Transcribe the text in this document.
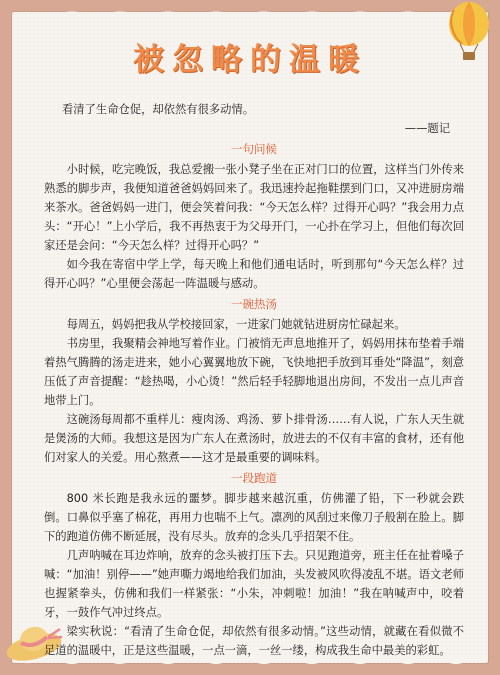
被忽略的温暖

看清了生命仓促，却依然有很多动情。

——题记

一句问候

小时候，吃完晚饭，我总爱搬一张小凳子坐在正对门口的位置，这样当门外传来熟悉的脚步声，我便知道爸爸妈妈回来了。我迅速拎起拖鞋摆到门口，又冲进厨房端来茶水。爸爸妈妈一进门，便会笑着问我：“今天怎么样？过得开心吗？”我会用力点头：“开心！”上小学后，我不再热衷于为父母开门，一心扑在学习上，但他们每次回家还是会问：“今天怎么样？过得开心吗？”

如今我在寄宿中学上学，每天晚上和他们通电话时，听到那句“今天怎么样？过得开心吗？”心里便会荡起一阵温暖与感动。

一碗热汤

每周五，妈妈把我从学校接回家，一进家门她就钻进厨房忙碌起来。

书房里，我聚精会神地写着作业。门被悄无声息地推开了，妈妈用抹布垫着手端着热气腾腾的汤走进来，她小心翼翼地放下碗，飞快地把手放到耳垂处“降温”，刻意压低了声音提醒：“趁热喝，小心烫！”然后轻手轻脚地退出房间，不发出一点儿声音地带上门。

这碗汤每周都不重样儿：瘦肉汤、鸡汤、萝卜排骨汤……有人说，广东人天生就是煲汤的大师。我想这是因为广东人在煮汤时，放进去的不仅有丰富的食材，还有他们对家人的关爱。用心熬煮——这才是最重要的调味料。

一段跑道

800 米长跑是我永远的噩梦。脚步越来越沉重，仿佛灌了铅，下一秒就会跌倒。口鼻似乎塞了棉花，再用力也喘不上气。凛冽的风刮过来像刀子般割在脸上。脚下的跑道仿佛不断延展，没有尽头。放弃的念头几乎招架不住。

几声呐喊在耳边炸响，放弃的念头被打压下去。只见跑道旁，班主任在扯着嗓子喊：“加油！别停——”她声嘶力竭地给我们加油，头发被风吹得凌乱不堪。语文老师也握紧拳头，仿佛和我们一样紧张：“小朱，冲刺啦！加油！”我在呐喊声中，咬着牙，一鼓作气冲过终点。

梁实秋说：“看清了生命仓促，却依然有很多动情。”这些动情，就藏在看似微不足道的温暖中，正是这些温暖，一点一滴，一丝一缕，构成我生命中最美的彩虹。
